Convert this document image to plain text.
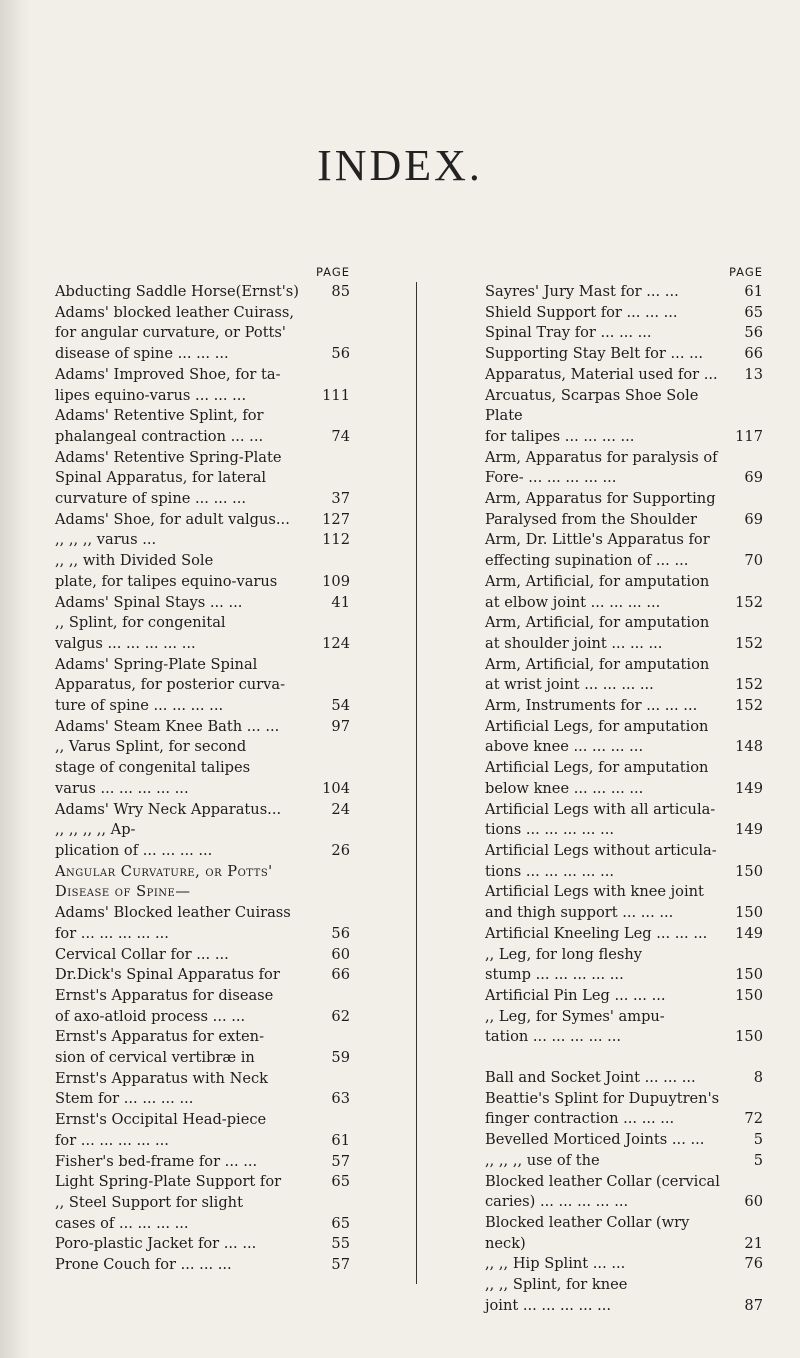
INDEX.
PAGE
Abducting Saddle Horse(Ernst's)	85
Adams' blocked leather Cuirass,
for angular curvature, or Potts'
disease of spine ... ... ...	56
Adams' Improved Shoe, for ta-
lipes equino-varus ... ... ...	111
Adams' Retentive Splint, for
phalangeal contraction ... ...	74
Adams' Retentive Spring-Plate
Spinal Apparatus, for lateral
curvature of spine ... ... ...	37
Adams' Shoe, for adult valgus...	127
,, ,, ,, varus ...	112
,, ,, with Divided Sole
plate, for talipes equino-varus	109
Adams' Spinal Stays ... ...	41
,, Splint, for congenital
valgus ... ... ... ... ...	124
Adams' Spring-Plate Spinal
Apparatus, for posterior curva-
ture of spine ... ... ... ...	54
Adams' Steam Knee Bath ... ...	97
,, Varus Splint, for second
stage of congenital talipes
varus ... ... ... ... ...	104
Adams' Wry Neck Apparatus...	24
,, ,, ,, ,, Ap-
plication of ... ... ... ...	26
Angular Curvature, or Potts'
Disease of Spine—
Adams' Blocked leather Cuirass
for ... ... ... ... ...	56
Cervical Collar for ... ...	60
Dr.Dick's Spinal Apparatus for	66
Ernst's Apparatus for disease
of axo-atloid process ... ...	62
Ernst's Apparatus for exten-
sion of cervical vertibræ in	59
Ernst's Apparatus with Neck
Stem for ... ... ... ...	63
Ernst's Occipital Head-piece
for ... ... ... ... ...	61
Fisher's bed-frame for ... ...	57
Light Spring-Plate Support for	65
,, Steel Support for slight
cases of ... ... ... ...	65
Poro-plastic Jacket for ... ...	55
Prone Couch for ... ... ...	57
PAGE
Sayres' Jury Mast for ... ...	61
Shield Support for ... ... ...	65
Spinal Tray for ... ... ...	56
Supporting Stay Belt for ... ...	66
Apparatus, Material used for ...	13
Arcuatus, Scarpas Shoe Sole Plate
for talipes ... ... ... ...	117
Arm, Apparatus for paralysis of
Fore- ... ... ... ... ...	69
Arm, Apparatus for Supporting
Paralysed from the Shoulder	69
Arm, Dr. Little's Apparatus for
effecting supination of ... ...	70
Arm, Artificial, for amputation
at elbow joint ... ... ... ...	152
Arm, Artificial, for amputation
at shoulder joint ... ... ...	152
Arm, Artificial, for amputation
at wrist joint ... ... ... ...	152
Arm, Instruments for ... ... ...	152
Artificial Legs, for amputation
above knee ... ... ... ...	148
Artificial Legs, for amputation
below knee ... ... ... ...	149
Artificial Legs with all articula-
tions ... ... ... ... ...	149
Artificial Legs without articula-
tions ... ... ... ... ...	150
Artificial Legs with knee joint
and thigh support ... ... ...	150
Artificial Kneeling Leg ... ... ...	149
,, Leg, for long fleshy
stump ... ... ... ... ...	150
Artificial Pin Leg ... ... ...	150
,, Leg, for Symes' ampu-
tation ... ... ... ... ...	150
Ball and Socket Joint ... ... ...	8
Beattie's Splint for Dupuytren's
finger contraction ... ... ...	72
Bevelled Morticed Joints ... ...	5
,, ,, ,, use of the	5
Blocked leather Collar (cervical
caries) ... ... ... ... ...	60
Blocked leather Collar (wry neck)	21
,, ,, Hip Splint ... ...	76
,, ,, Splint, for knee
joint ... ... ... ... ...	87
